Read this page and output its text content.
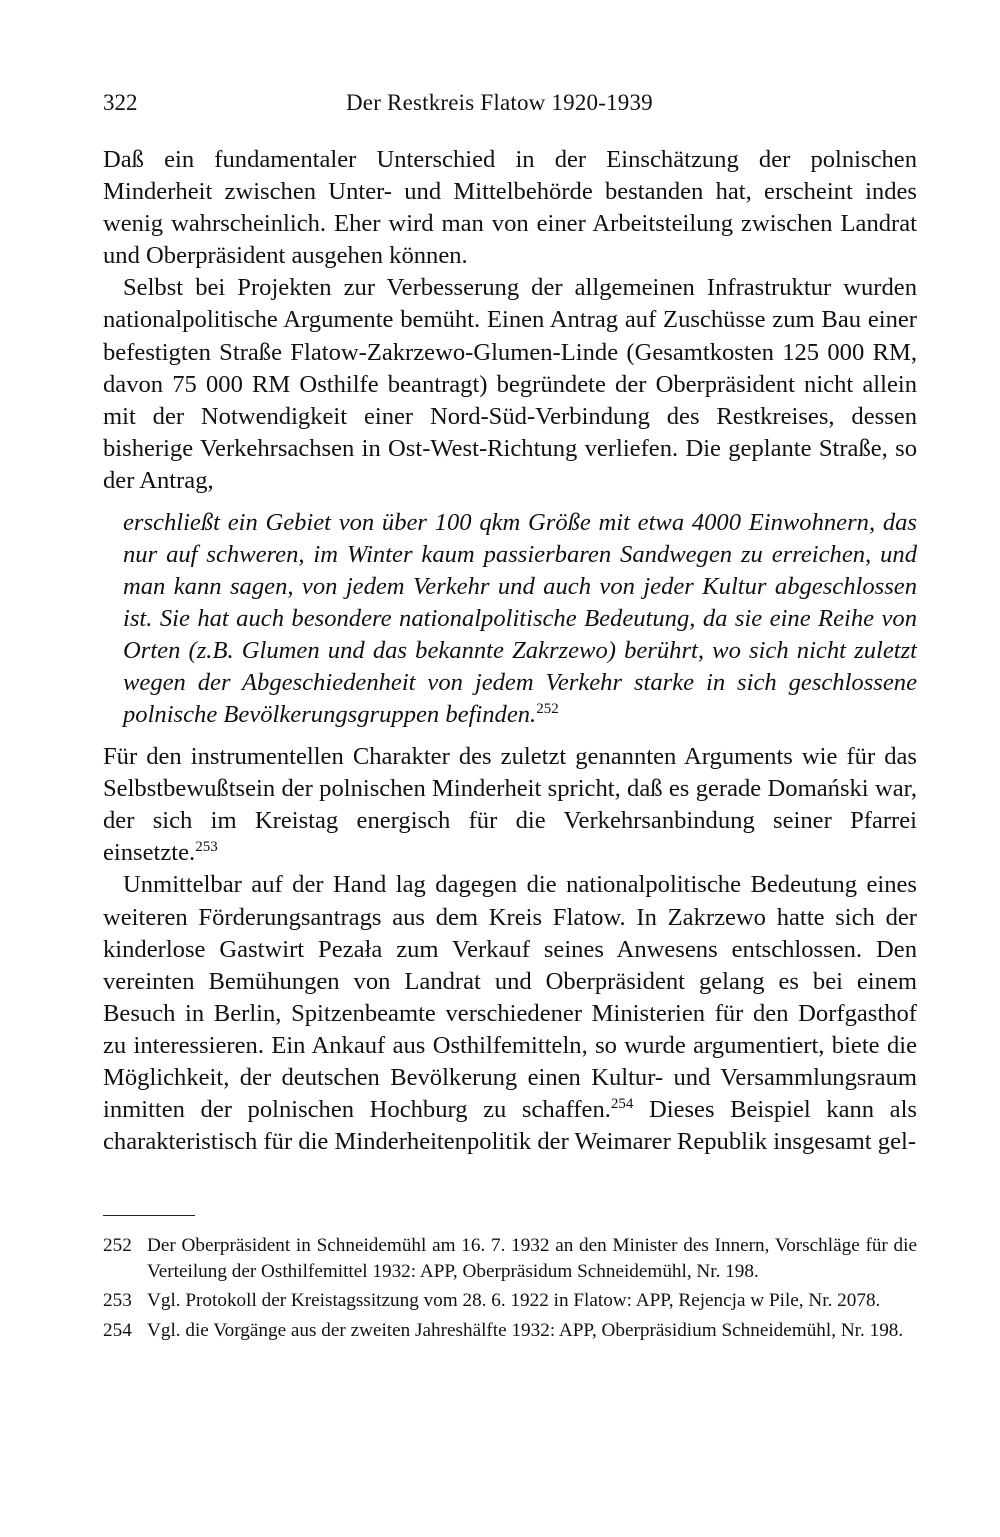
322	Der Restkreis Flatow 1920-1939

Daß ein fundamentaler Unterschied in der Einschätzung der polnischen Minderheit zwischen Unter- und Mittelbehörde bestanden hat, erscheint indes wenig wahrscheinlich. Eher wird man von einer Arbeitsteilung zwischen Landrat und Oberpräsident ausgehen können.

Selbst bei Projekten zur Verbesserung der allgemeinen Infrastruktur wurden nationalpolitische Argumente bemüht. Einen Antrag auf Zuschüsse zum Bau einer befestigten Straße Flatow-Zakrzewo-Glumen-Linde (Gesamtkosten 125 000 RM, davon 75 000 RM Osthilfe beantragt) begründete der Oberpräsident nicht allein mit der Notwendigkeit einer Nord-Süd-Verbindung des Restkreises, dessen bisherige Verkehrsachsen in Ost-West-Richtung verliefen. Die geplante Straße, so der Antrag,

erschließt ein Gebiet von über 100 qkm Größe mit etwa 4000 Einwohnern, das nur auf schweren, im Winter kaum passierbaren Sandwegen zu erreichen, und man kann sagen, von jedem Verkehr und auch von jeder Kultur abgeschlossen ist. Sie hat auch besondere nationalpolitische Bedeutung, da sie eine Reihe von Orten (z.B. Glumen und das bekannte Zakrzewo) berührt, wo sich nicht zuletzt wegen der Abgeschiedenheit von jedem Verkehr starke in sich geschlossene polnische Bevölkerungsgruppen befinden.$^{252}$

Für den instrumentellen Charakter des zuletzt genannten Arguments wie für das Selbstbewußtsein der polnischen Minderheit spricht, daß es gerade Domański war, der sich im Kreistag energisch für die Verkehrsanbindung seiner Pfarrei einsetzte.$^{253}$

Unmittelbar auf der Hand lag dagegen die nationalpolitische Bedeutung eines weiteren Förderungsantrags aus dem Kreis Flatow. In Zakrzewo hatte sich der kinderlose Gastwirt Pezała zum Verkauf seines Anwesens entschlossen. Den vereinten Bemühungen von Landrat und Oberpräsident gelang es bei einem Besuch in Berlin, Spitzenbeamte verschiedener Ministerien für den Dorfgasthof zu interessieren. Ein Ankauf aus Osthilfemitteln, so wurde argumentiert, biete die Möglichkeit, der deutschen Bevölkerung einen Kultur- und Versammlungsraum inmitten der polnischen Hochburg zu schaffen.$^{254}$ Dieses Beispiel kann als charakteristisch für die Minderheitenpolitik der Weimarer Republik insgesamt gel-

252 Der Oberpräsident in Schneidemühl am 16. 7. 1932 an den Minister des Innern, Vorschläge für die Verteilung der Osthilfemittel 1932: APP, Oberpräsidum Schneidemühl, Nr. 198.
253 Vgl. Protokoll der Kreistagssitzung vom 28. 6. 1922 in Flatow: APP, Rejencja w Pile, Nr. 2078.
254 Vgl. die Vorgänge aus der zweiten Jahreshälfte 1932: APP, Oberpräsidium Schneidemühl, Nr. 198.
